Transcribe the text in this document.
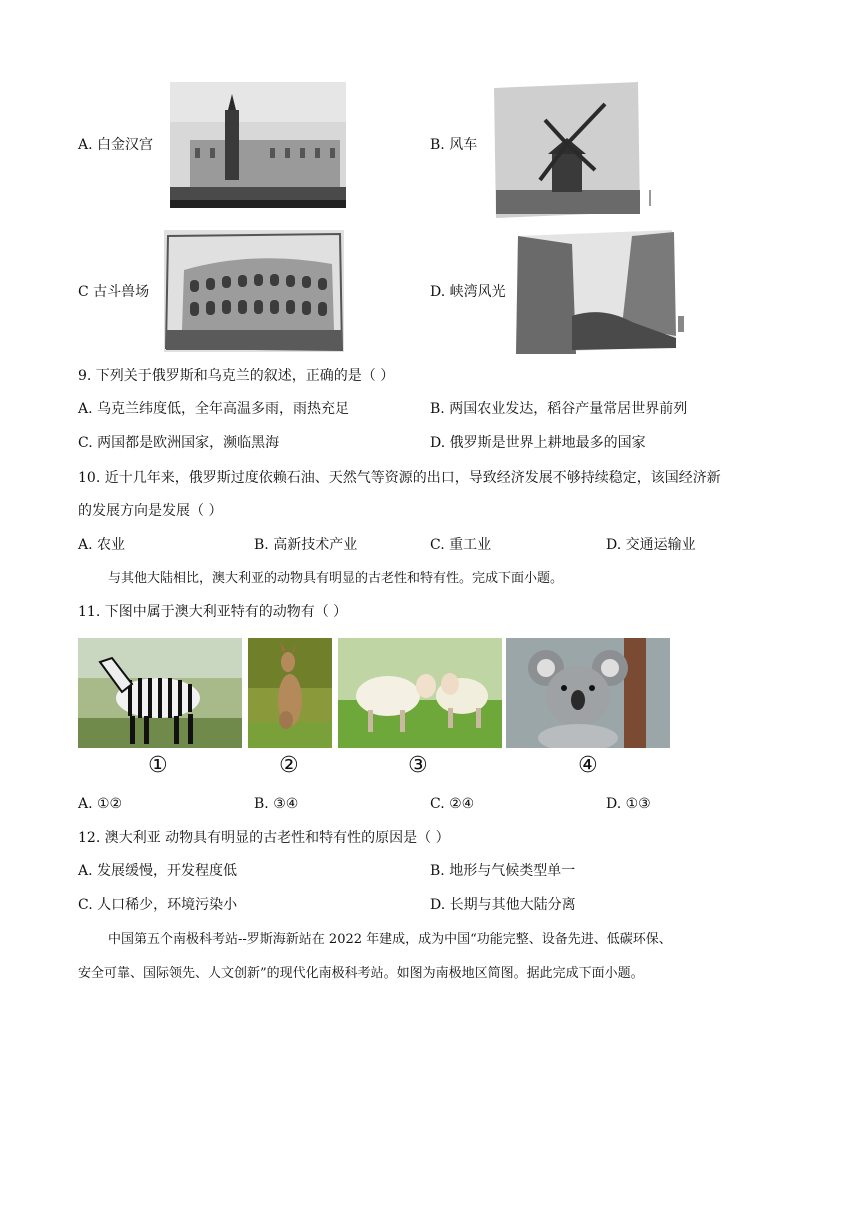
A. 白金汉宫	B. 风车
C 古斗兽场	D. 峡湾风光
9. 下列关于俄罗斯和乌克兰的叙述，正确的是（ ）
A. 乌克兰纬度低，全年高温多雨，雨热充足	B. 两国农业发达，稻谷产量常居世界前列
C. 两国都是欧洲国家，濒临黑海	D. 俄罗斯是世界上耕地最多的国家
10. 近十几年来，俄罗斯过度依赖石油、天然气等资源的出口，导致经济发展不够持续稳定，该国经济新
的发展方向是发展（ ）
A. 农业	B. 高新技术产业	C. 重工业	D. 交通运输业
与其他大陆相比，澳大利亚的动物具有明显的古老性和特有性。完成下面小题。
11. 下图中属于澳大利亚特有的动物有（ ）
①	②	③	④
A. ①②	B. ③④	C. ②④	D. ①③
12. 澳大利亚 动物具有明显的古老性和特有性的原因是（ ）
A. 发展缓慢，开发程度低	B. 地形与气候类型单一
C. 人口稀少，环境污染小	D. 长期与其他大陆分离
中国第五个南极科考站--罗斯海新站在 2022 年建成，成为中国“功能完整、设备先进、低碳环保、
安全可靠、国际领先、人文创新”的现代化南极科考站。如图为南极地区简图。据此完成下面小题。
